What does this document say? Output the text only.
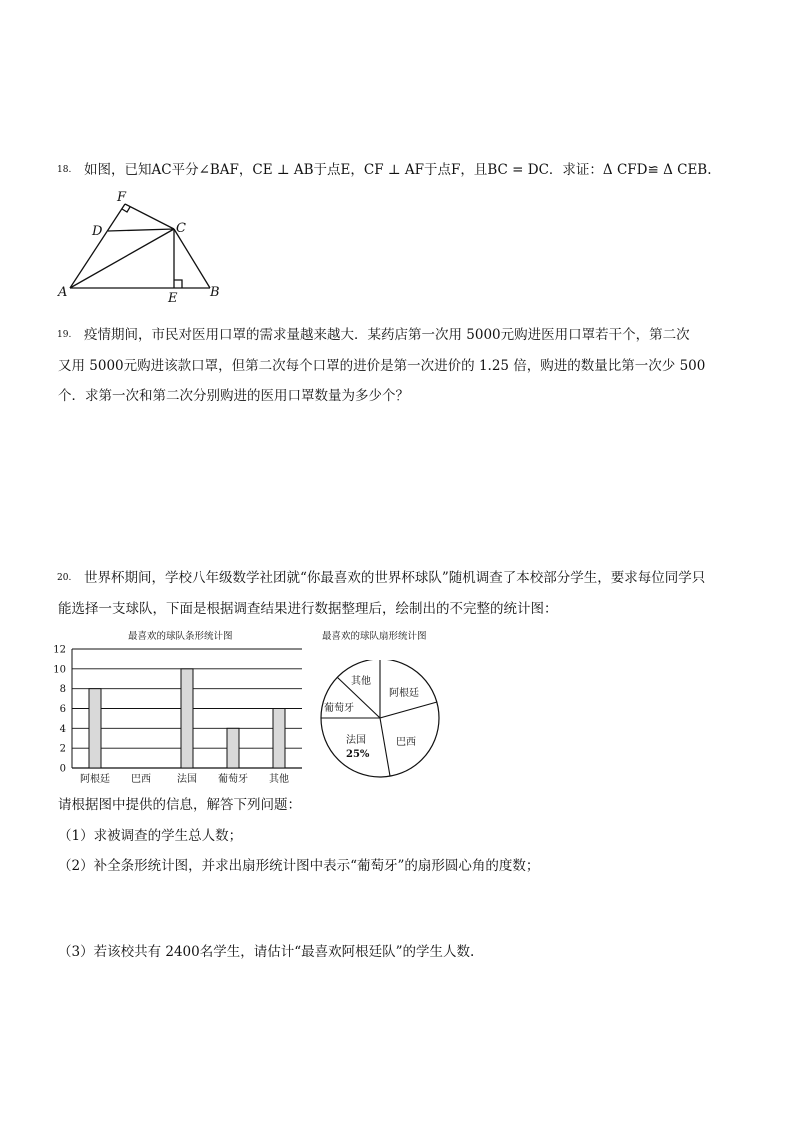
18. 如图，已知AC平分∠BAF，CE ⊥ AB于点E，CF ⊥ AF于点F，且BC = DC．求证：Δ CFD≌ Δ CEB.
F
D	C
A	E	B
19. 疫情期间，市民对医用口罩的需求量越来越大．某药店第一次用 5000元购进医用口罩若干个，第二次
又用 5000元购进该款口罩，但第二次每个口罩的进价是第一次进价的 1.25 倍，购进的数量比第一次少 500
个．求第一次和第二次分别购进的医用口罩数量为多少个？
20. 世界杯期间，学校八年级数学社团就“你最喜欢的世界杯球队”随机调查了本校部分学生，要求每位同学只
能选择一支球队，下面是根据调查结果进行数据整理后，绘制出的不完整的统计图：
最喜欢的球队条形统计图
0
2
4
6
8
10
12
阿根廷 巴西	法国 葡萄牙 其他
最喜欢的球队扇形统计图
其他
阿根廷
葡萄牙
法国
25%
巴西
请根据图中提供的信息，解答下列问题：
（1）求被调查的学生总人数；
（2）补全条形统计图，并求出扇形统计图中表示“葡萄牙”的扇形圆心角的度数；
（3）若该校共有 2400名学生，请估计“最喜欢阿根廷队”的学生人数.
